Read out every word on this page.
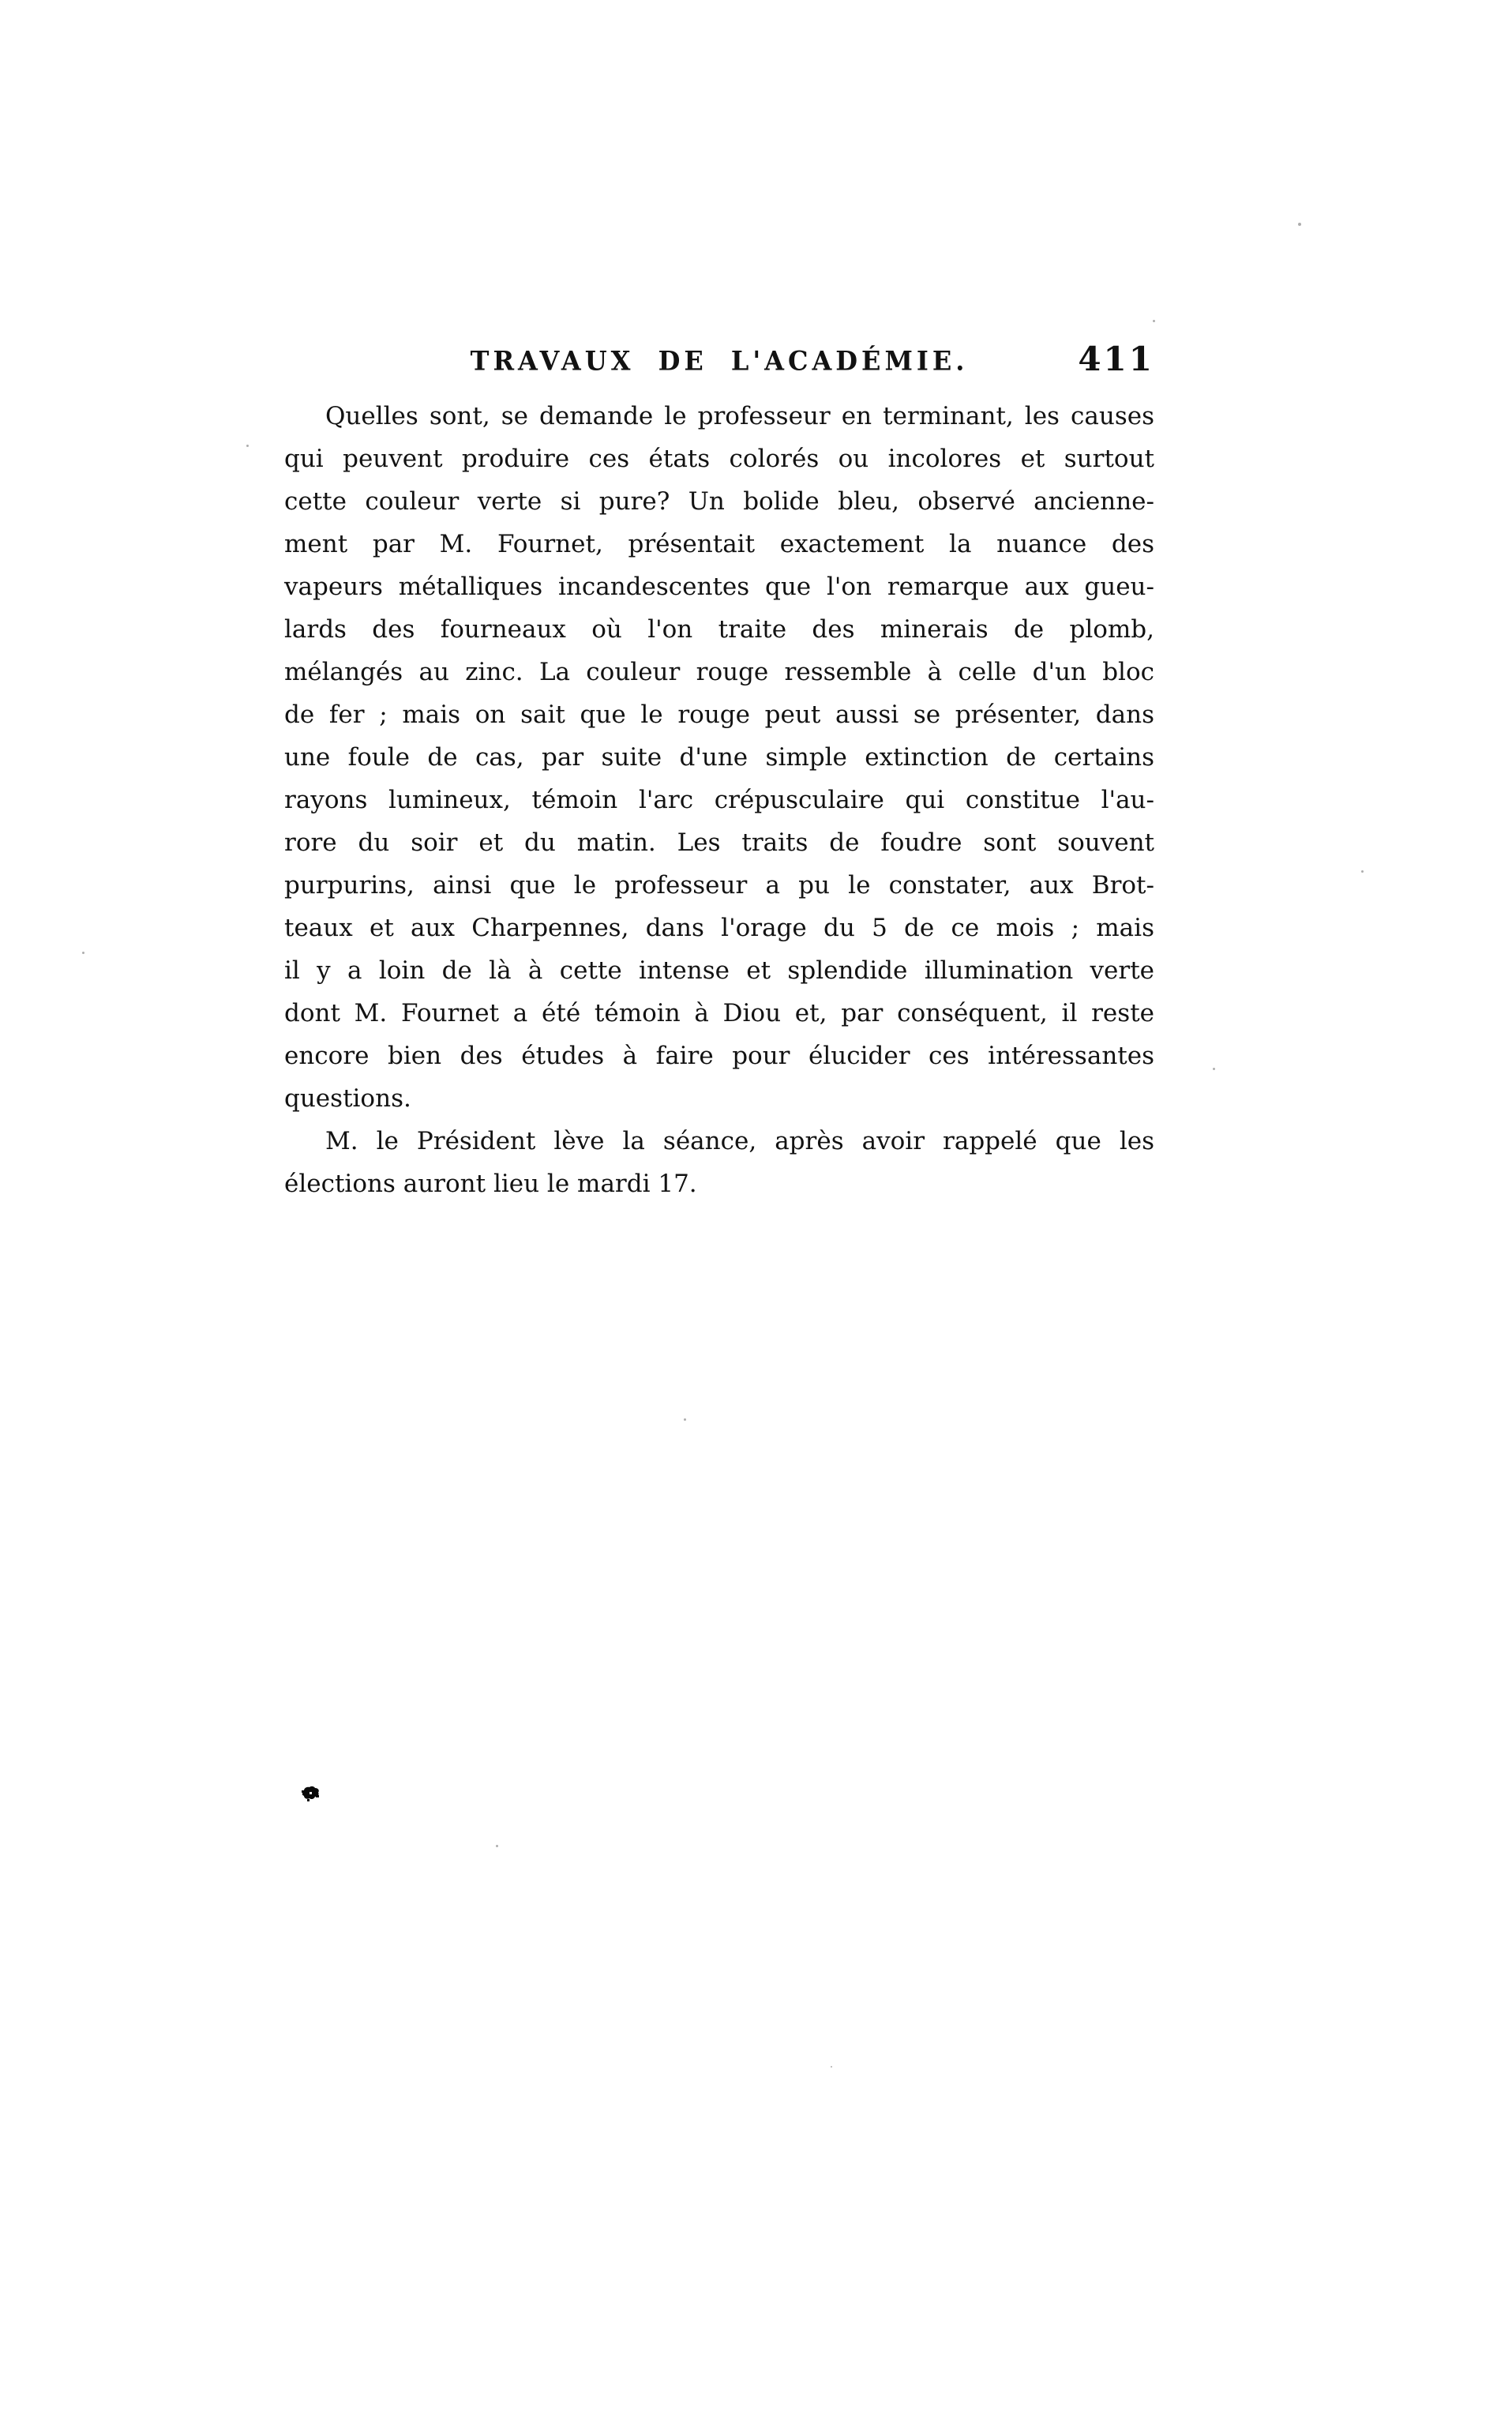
TRAVAUX DE L'ACADÉMIE.	411
Quelles sont, se demande le professeur en terminant, les causes
qui peuvent produire ces états colorés ou incolores et surtout
cette couleur verte si pure? Un bolide bleu, observé ancienne-
ment par M. Fournet, présentait exactement la nuance des
vapeurs métalliques incandescentes que l'on remarque aux gueu-
lards des fourneaux où l'on traite des minerais de plomb,
mélangés au zinc. La couleur rouge ressemble à celle d'un bloc
de fer ; mais on sait que le rouge peut aussi se présenter, dans
une foule de cas, par suite d'une simple extinction de certains
rayons lumineux, témoin l'arc crépusculaire qui constitue l'au-
rore du soir et du matin. Les traits de foudre sont souvent
purpurins, ainsi que le professeur a pu le constater, aux Brot-
teaux et aux Charpennes, dans l'orage du 5 de ce mois ; mais
il y a loin de là à cette intense et splendide illumination verte
dont M. Fournet a été témoin à Diou et, par conséquent, il reste
encore bien des études à faire pour élucider ces intéressantes
questions.
M. le Président lève la séance, après avoir rappelé que les
élections auront lieu le mardi 17.
